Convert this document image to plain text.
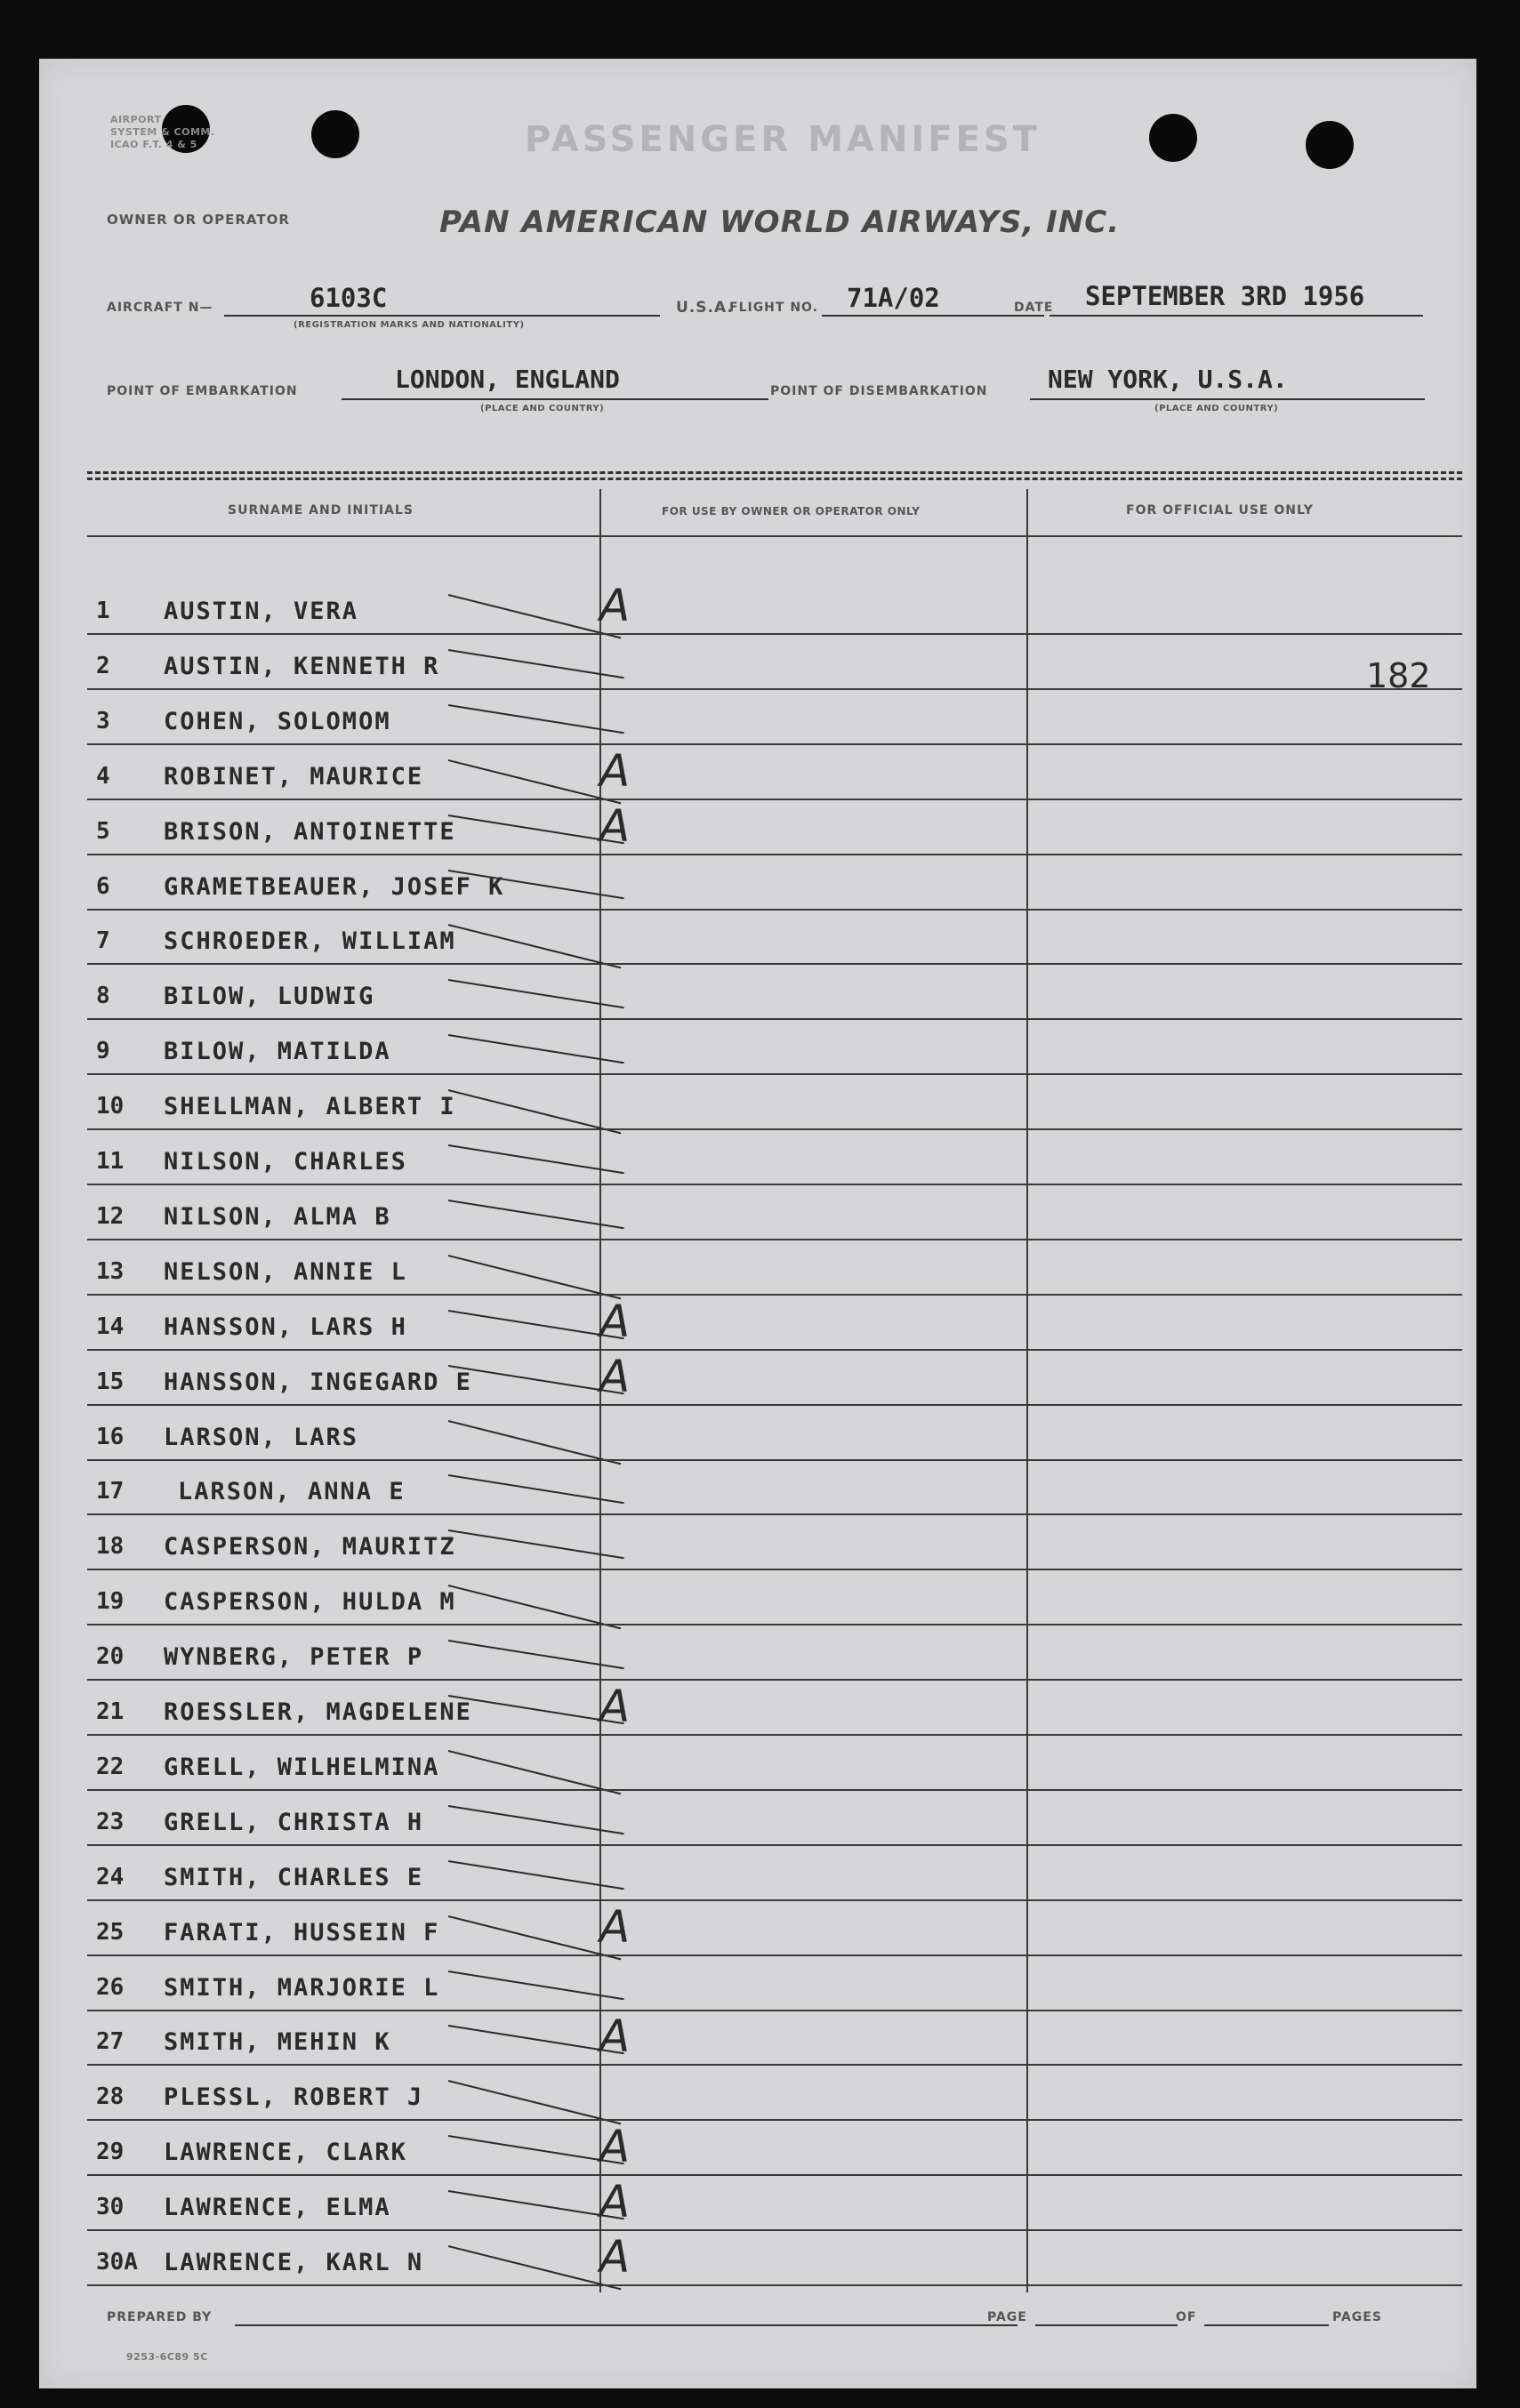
AIRPORT
SYSTEM & COMM.
ICAO F.T. 4 & 5	PASSENGER MANIFEST
OWNER OR OPERATOR	PAN AMERICAN WORLD AIRWAYS, INC.
AIRCRAFT N—	6103C
(REGISTRATION MARKS AND NATIONALITY)
U.S.A.
FLIGHT NO. 71A/02	DATE SEPTEMBER 3RD 1956
POINT OF EMBARKATION	LONDON, ENGLAND
(PLACE AND COUNTRY)
POINT OF DISEMBARKATION NEW YORK, U.S.A.
(PLACE AND COUNTRY)
SURNAME AND INITIALS	FOR USE BY OWNER OR OPERATOR ONLY	FOR OFFICIAL USE ONLY
182
1	AUSTIN, VERA	A
2	AUSTIN, KENNETH R
3	COHEN, SOLOMOM
4	ROBINET, MAURICE	A
5	BRISON, ANTOINETTE	A
6	GRAMETBEAUER, JOSEF K
7	SCHROEDER, WILLIAM
8	BILOW, LUDWIG
9	BILOW, MATILDA
10	SHELLMAN, ALBERT I
11	NILSON, CHARLES
12	NILSON, ALMA B
13	NELSON, ANNIE L
14	HANSSON, LARS H	A
15	HANSSON, INGEGARD E	A
16	LARSON, LARS
17	LARSON, ANNA E
18	CASPERSON, MAURITZ
19	CASPERSON, HULDA M
20	WYNBERG, PETER P
21	ROESSLER, MAGDELENE	A
22	GRELL, WILHELMINA
23	GRELL, CHRISTA H
24	SMITH, CHARLES E
25	FARATI, HUSSEIN F	A
26	SMITH, MARJORIE L
27	SMITH, MEHIN K	A
28	PLESSL, ROBERT J
29	LAWRENCE, CLARK	A
30	LAWRENCE, ELMA	A
30A	LAWRENCE, KARL N	A
PREPARED BY	PAGE	OF	PAGES
9253-6C89 5C
